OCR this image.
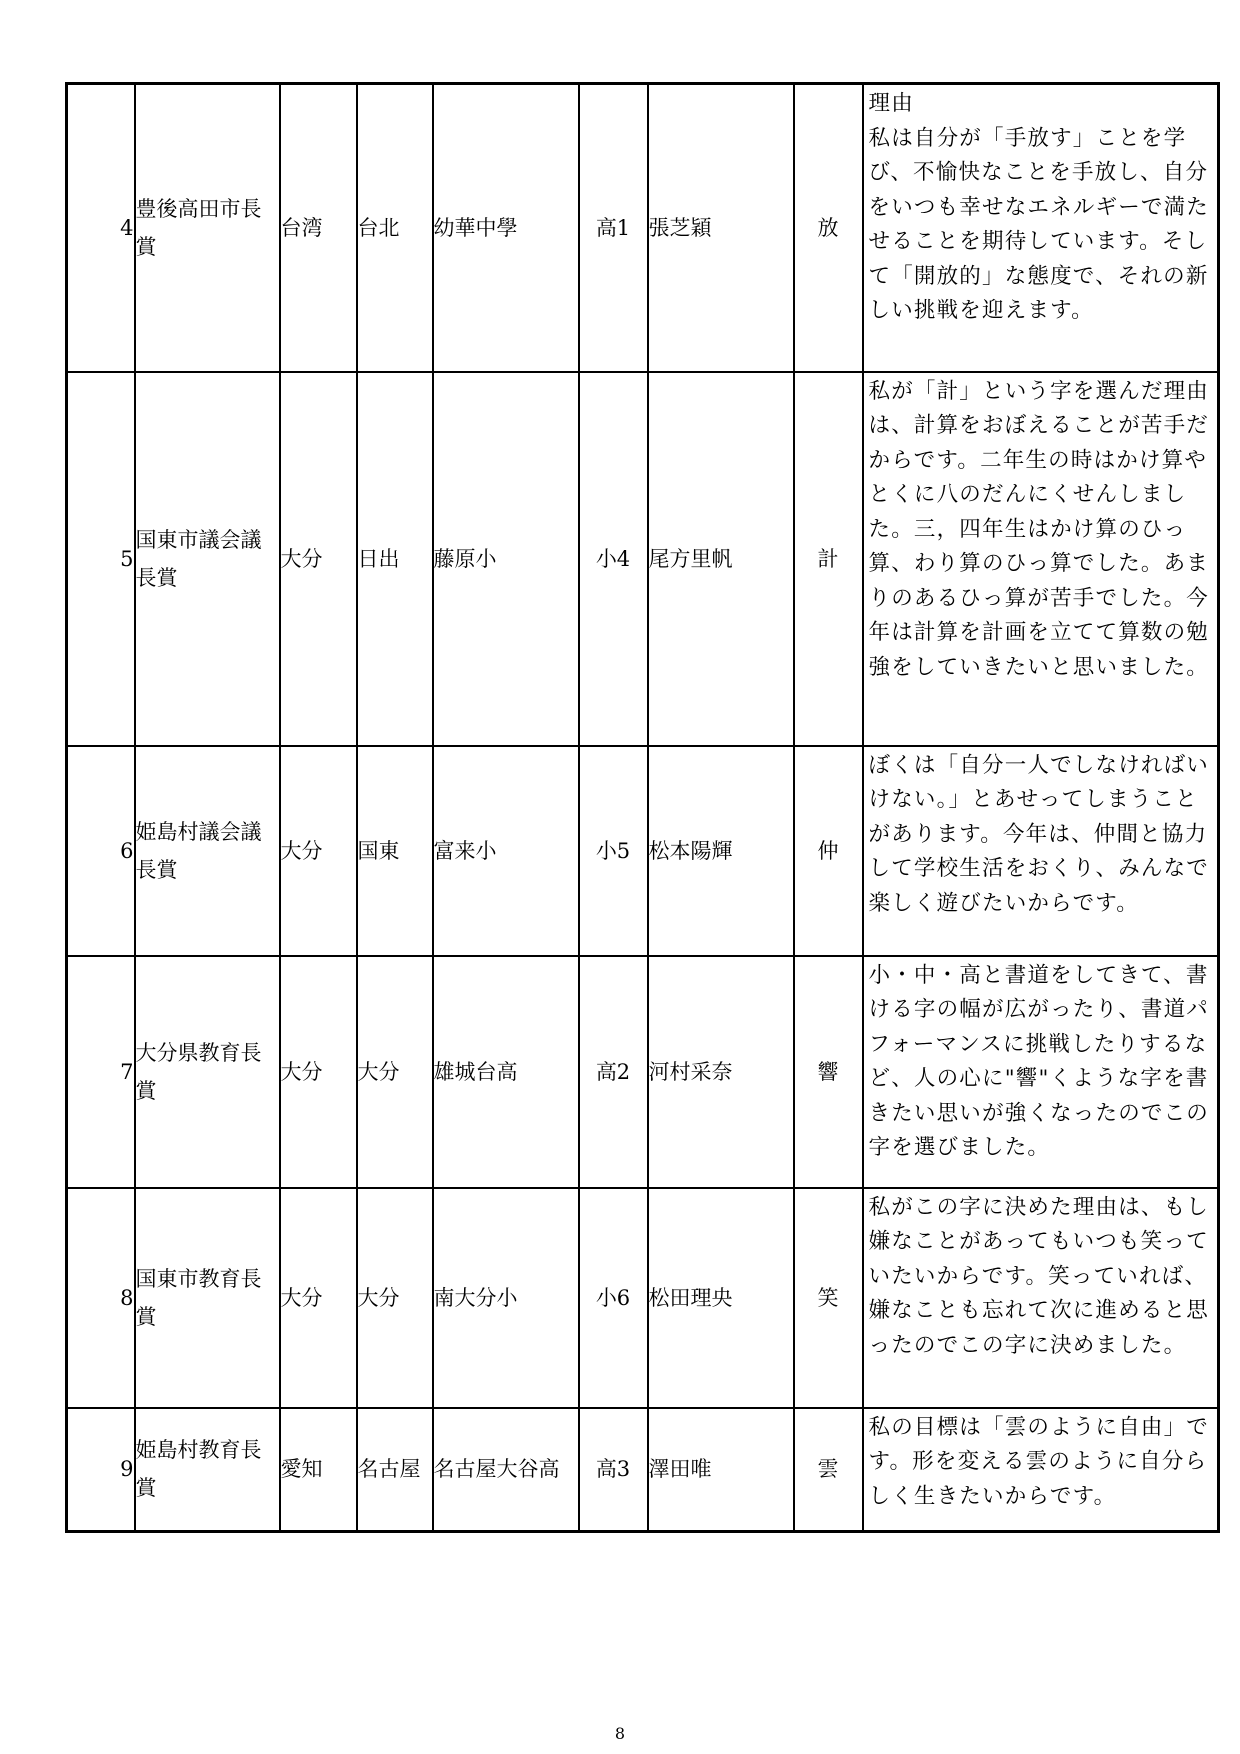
4	豊後高田市長賞	台湾	台北	幼華中學	高1	張芝穎	放	理由
私は自分が「手放す」ことを学び、不愉快なことを手放し、自分をいつも幸せなエネルギーで満たせることを期待しています。そして「開放的」な態度で、それの新しい挑戦を迎えます。
5	国東市議会議長賞	大分	日出	藤原小	小4	尾方里帆	計	私が「計」という字を選んだ理由は、計算をおぼえることが苦手だからです。二年生の時はかけ算やとくに八のだんにくせんしました。三，四年生はかけ算のひっ算、わり算のひっ算でした。あまりのあるひっ算が苦手でした。今年は計算を計画を立てて算数の勉強をしていきたいと思いました。
6	姫島村議会議長賞	大分	国東	富来小	小5	松本陽輝	仲	ぼくは「自分一人でしなければいけない。」とあせってしまうことがあります。今年は、仲間と協力して学校生活をおくり、みんなで楽しく遊びたいからです。
7	大分県教育長賞	大分	大分	雄城台高	高2	河村采奈	響	小・中・高と書道をしてきて、書ける字の幅が広がったり、書道パフォーマンスに挑戦したりするなど、人の心に"響"くような字を書きたい思いが強くなったのでこの字を選びました。
8	国東市教育長賞	大分	大分	南大分小	小6	松田理央	笑	私がこの字に決めた理由は、もし嫌なことがあってもいつも笑っていたいからです。笑っていれば、嫌なことも忘れて次に進めると思ったのでこの字に決めました。
9	姫島村教育長賞	愛知	名古屋	名古屋大谷高	高3	澤田唯	雲	私の目標は「雲のように自由」です。形を変える雲のように自分らしく生きたいからです。
8
